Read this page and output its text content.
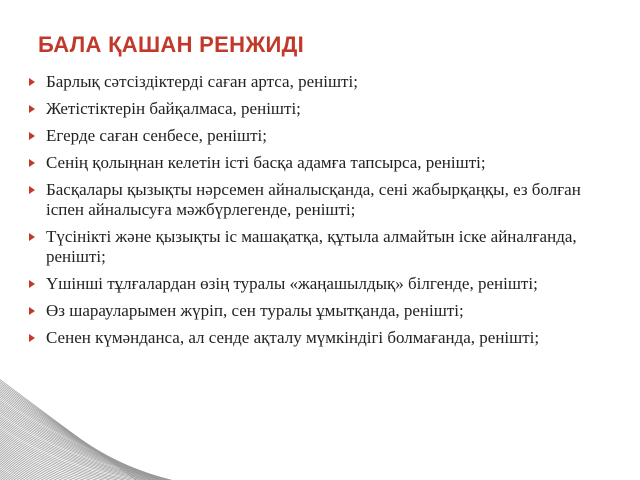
БАЛА ҚАШАН РЕНЖИДІ
Барлық сәтсіздіктерді саған артса, ренішті;
Жетістіктерін байқалмаса, ренішті;
Егерде саған сенбесе, ренішті;
Сенің қолыңнан келетін істі басқа адамға тапсырса, ренішті;
Басқалары қызықты нәрсемен айналысқанда, сені жабырқаңқы, ез болған іспен айналысуға мәжбүрлегенде, ренішті;
Түсінікті және қызықты іс машақатқа, құтыла алмайтын іске айналғанда, ренішті;
Үшінші тұлғалардан өзің туралы «жаңашылдық» білгенде, ренішті;
Өз шарауларымен жүріп, сен туралы ұмытқанда, ренішті;
Сенен күмәнданса, ал сенде ақталу мүмкіндігі болмағанда, ренішті;
